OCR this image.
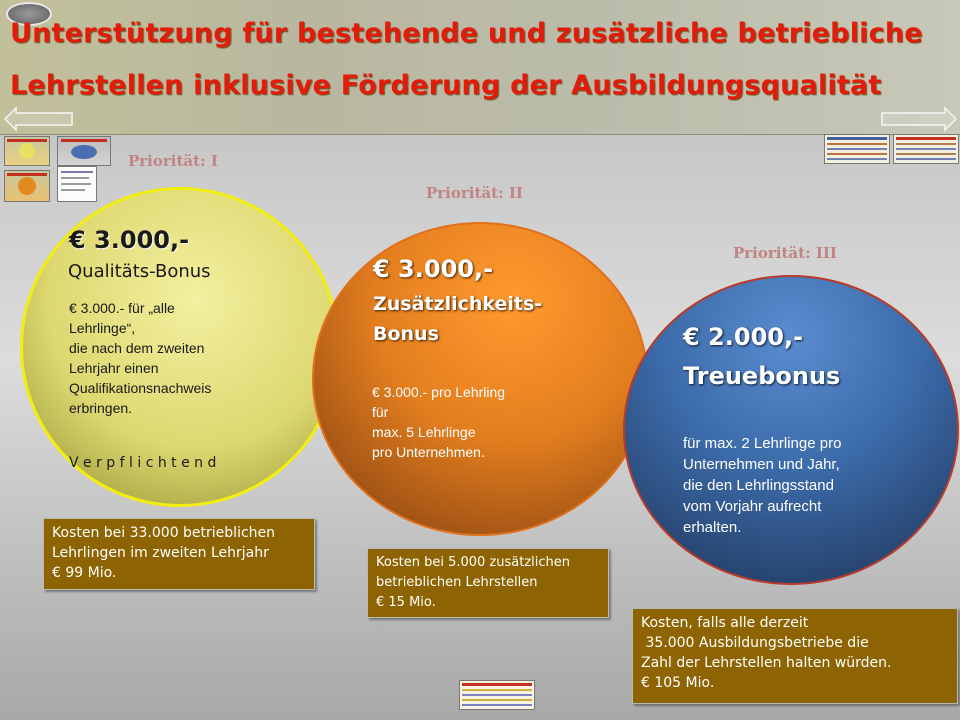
Unterstützung für bestehende und zusätzliche betriebliche
Lehrstellen inklusive Förderung der Ausbildungsqualität
Priorität: I
Priorität: II
Priorität: III
€ 3.000,-
Qualitäts-Bonus
€ 3.000.- für „alle
Lehrlinge“,
die nach dem zweiten
Lehrjahr einen
Qualifikationsnachweis
erbringen.
V e r p f l i c h t e n d
€ 3.000,-
Zusätzlichkeits-
Bonus
€ 3.000.- pro Lehrling
für
max. 5 Lehrlinge
pro Unternehmen.
€ 2.000,-
Treuebonus
für max. 2 Lehrlinge pro
Unternehmen und Jahr,
die den Lehrlingsstand
vom Vorjahr aufrecht
erhalten.
Kosten bei 33.000 betrieblichen
Lehrlingen im zweiten Lehrjahr
€ 99 Mio.
Kosten bei 5.000 zusätzlichen
betrieblichen Lehrstellen
€ 15 Mio.
Kosten, falls alle derzeit
35.000 Ausbildungsbetriebe die
Zahl der Lehrstellen halten würden.
€ 105 Mio.
